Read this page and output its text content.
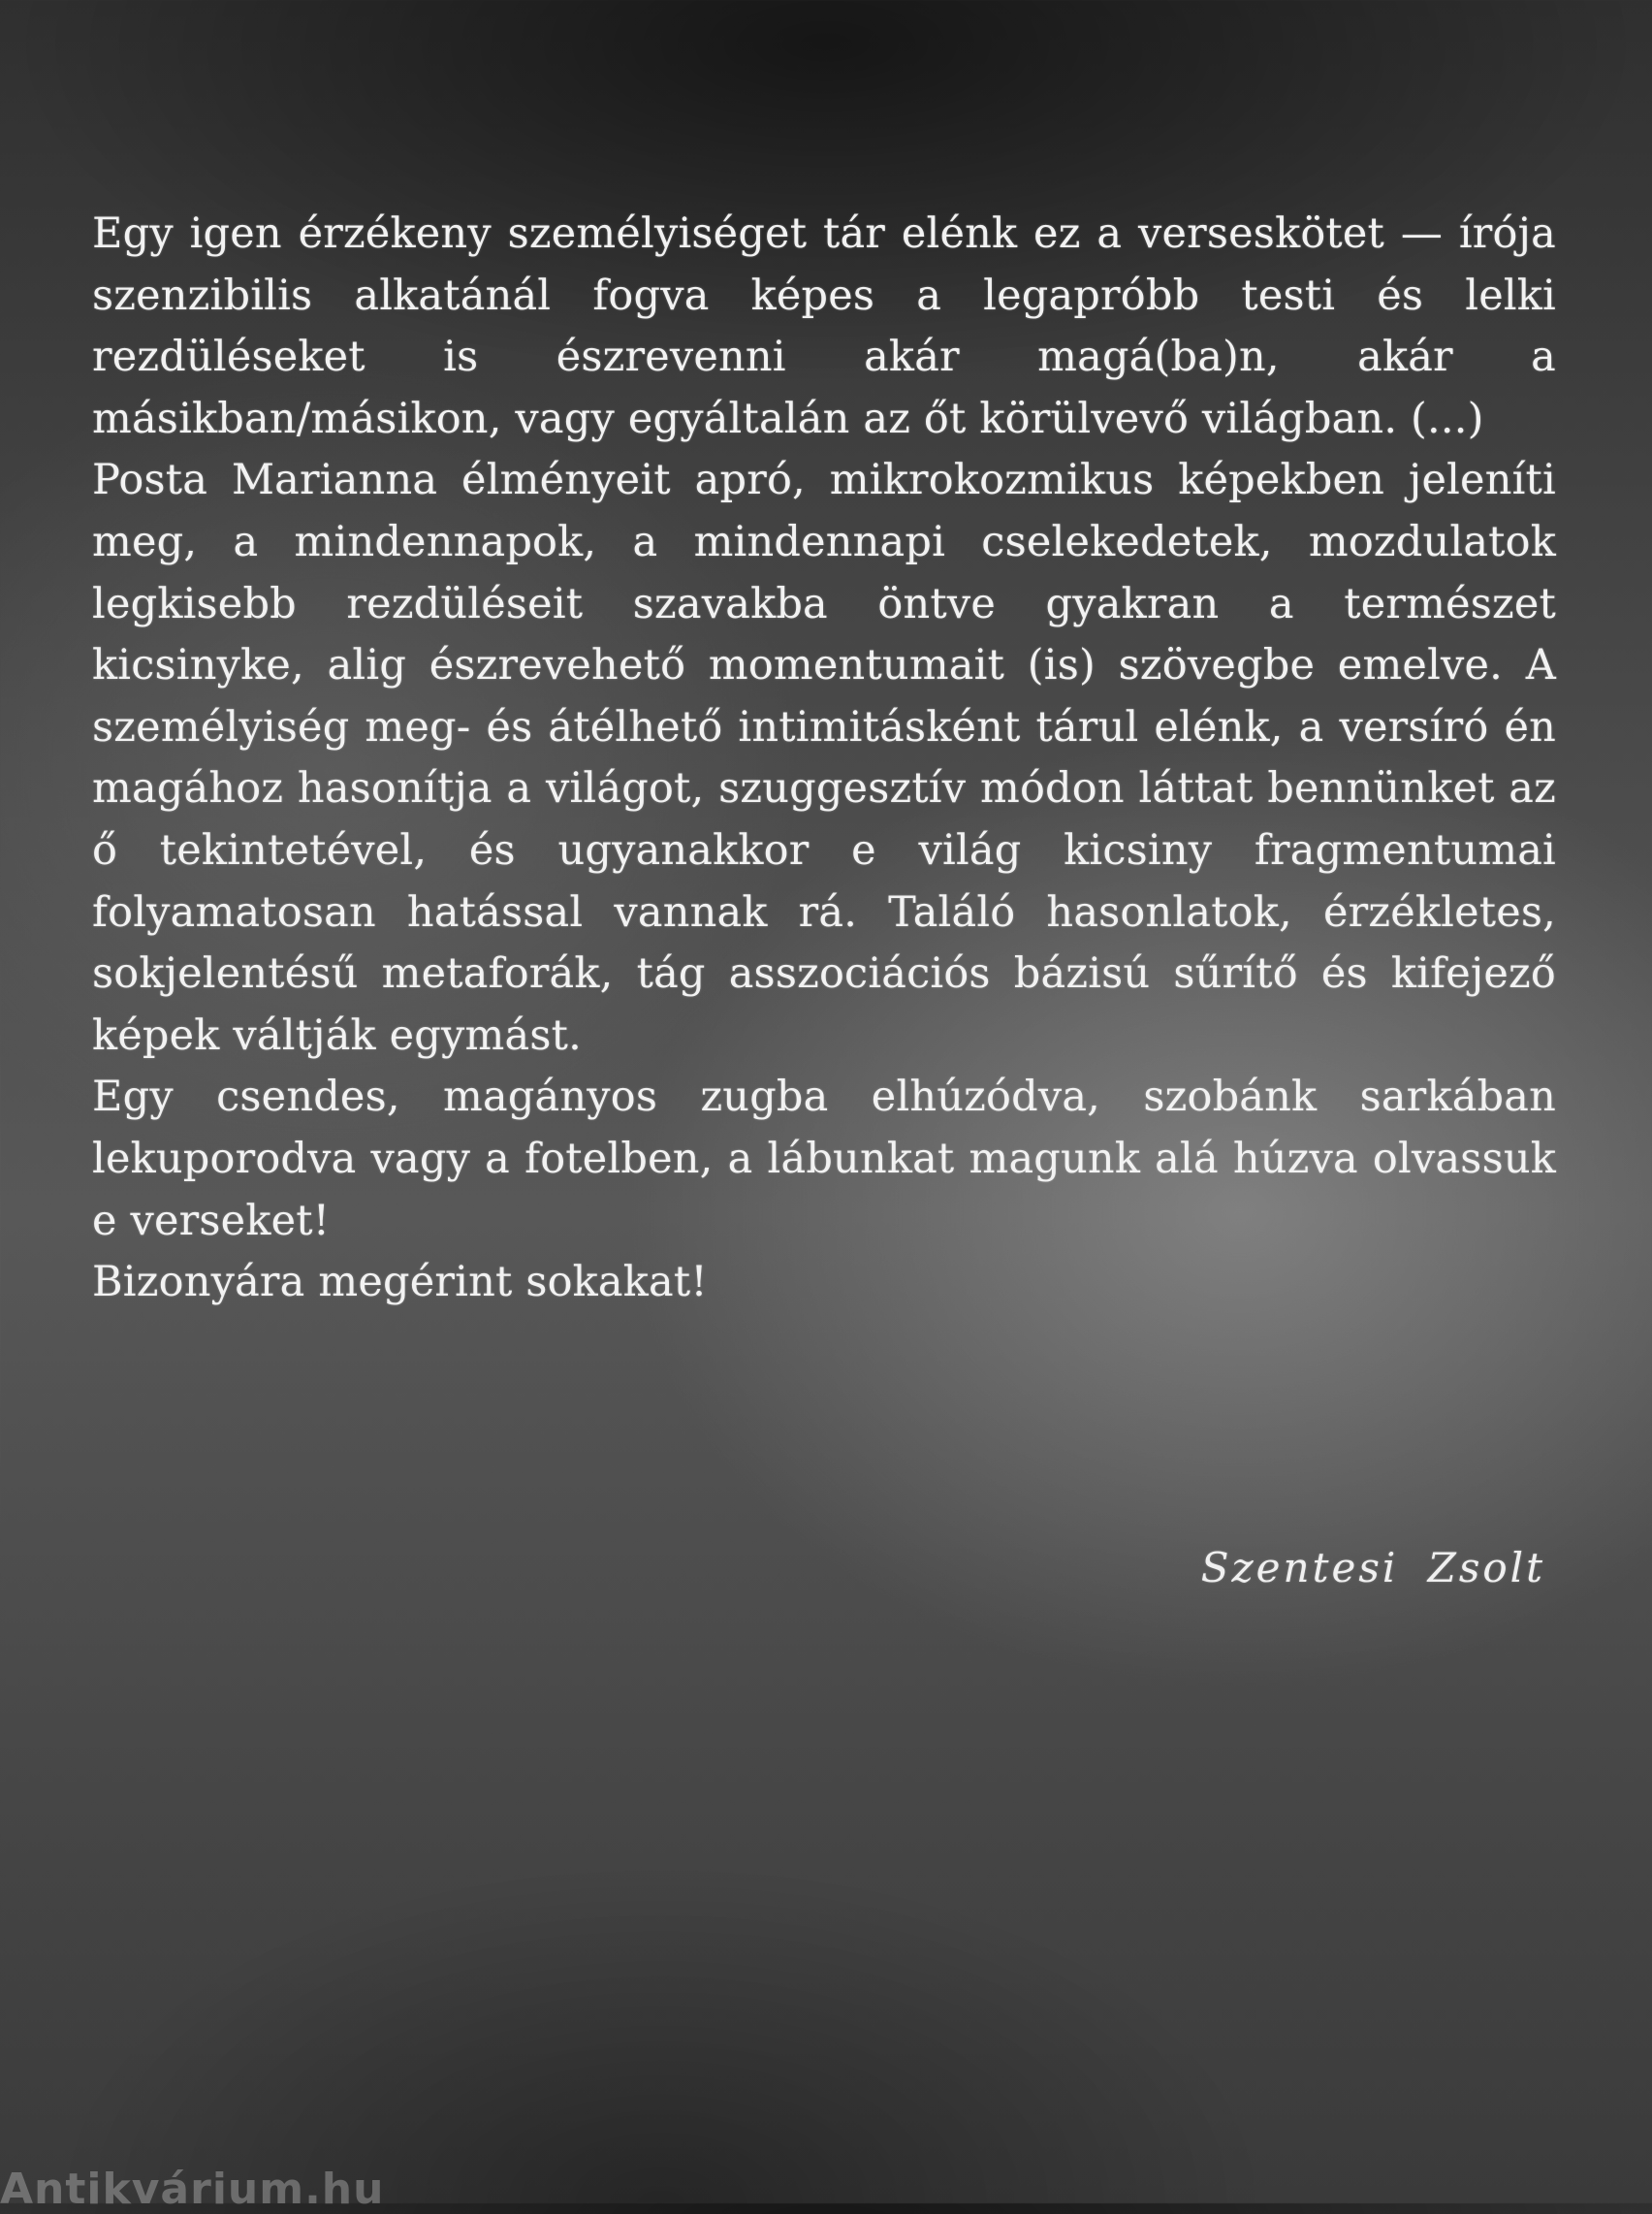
Egy igen érzékeny személyiséget tár elénk ez a verseskötet — írója szenzibilis alkatánál fogva képes a legapróbb testi és lelki rezdüléseket is észrevenni akár magá(ba)n, akár a másikban/másikon, vagy egyáltalán az őt körülvevő világban. (...)

Posta Marianna élményeit apró, mikrokozmikus képekben jeleníti meg, a mindennapok, a mindennapi cselekedetek, mozdulatok legkisebb rezdüléseit szavakba öntve gyakran a természet kicsinyke, alig észrevehető momentumait (is) szövegbe emelve. A személyiség meg- és átélhető intimitásként tárul elénk, a versíró én magához hasonítja a világot, szuggesztív módon láttat bennünket az ő tekintetével, és ugyanakkor e világ kicsiny fragmentumai folyamatosan hatással vannak rá. Találó hasonlatok, érzékletes, sokjelentésű metaforák, tág asszociációs bázisú sűrítő és kifejező képek váltják egymást.

Egy csendes, magányos zugba elhúzódva, szobánk sarkában lekuporodva vagy a fotelben, a lábunkat magunk alá húzva olvassuk e verseket!

Bizonyára megérint sokakat!

Szentesi Zsolt
Antikvárium.hu
